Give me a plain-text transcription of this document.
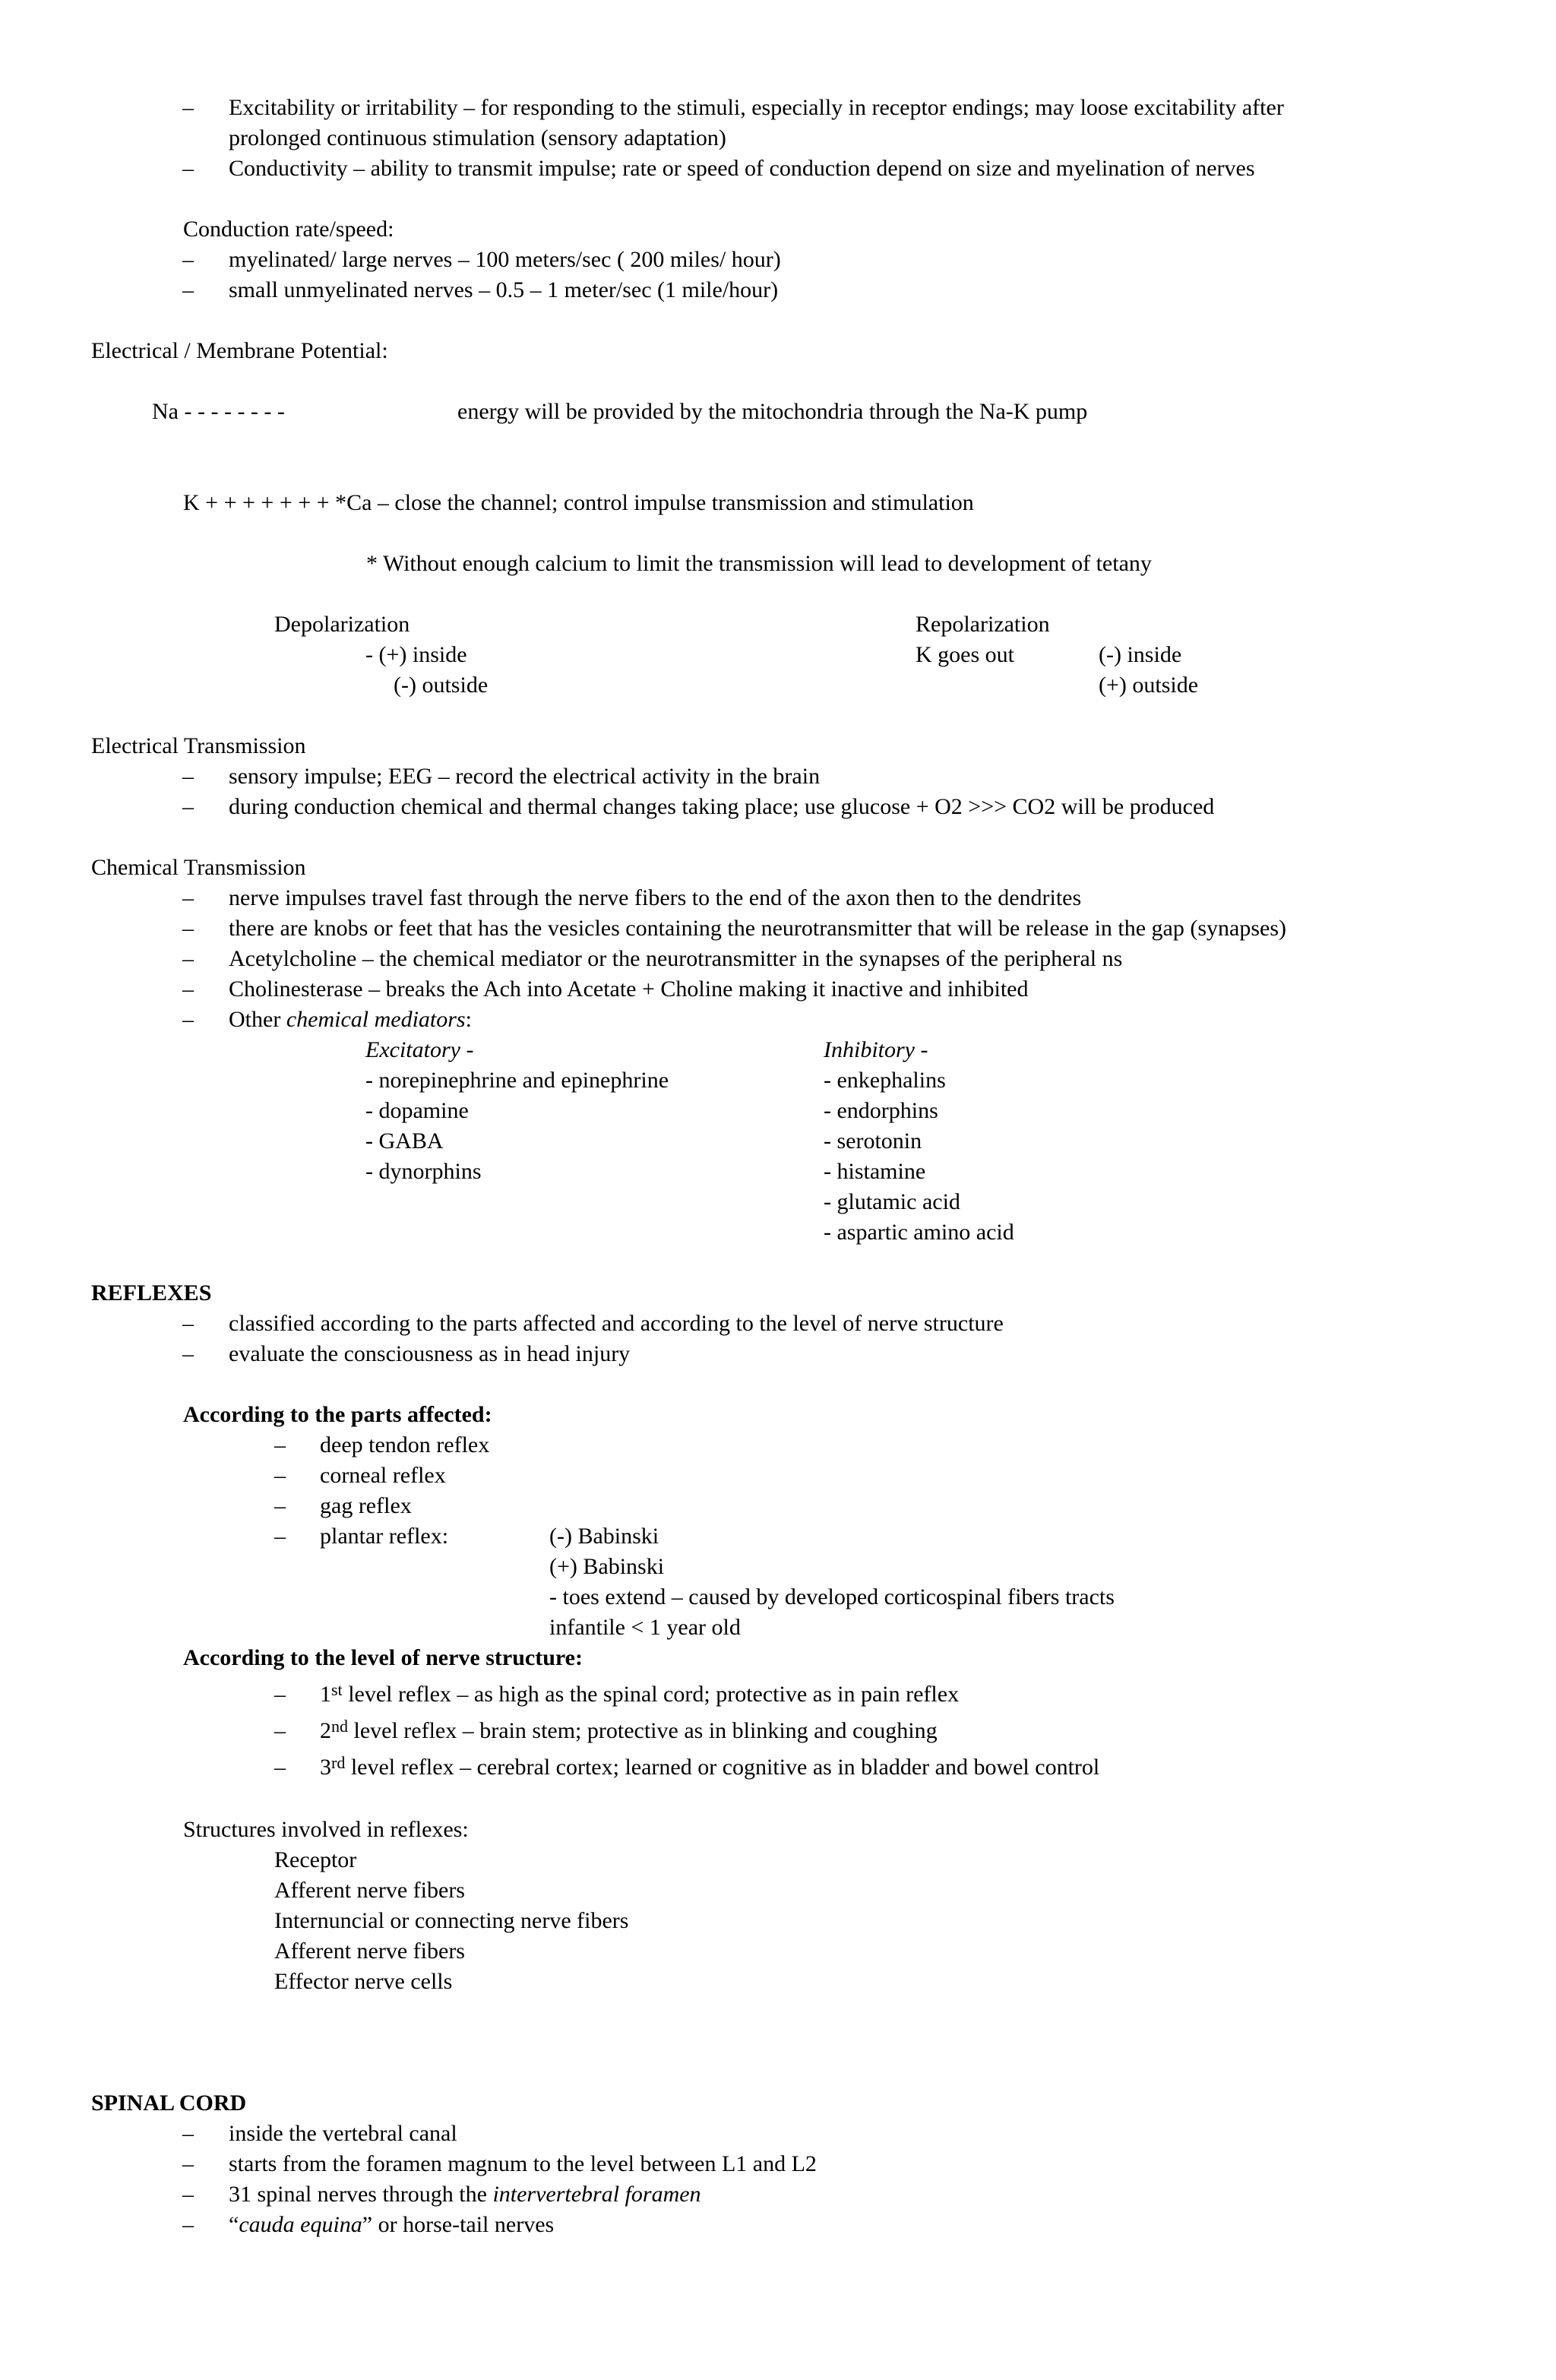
– Excitability or irritability – for responding to the stimuli, especially in receptor endings; may loose excitability after
prolonged continuous stimulation (sensory adaptation)
– Conductivity – ability to transmit impulse; rate or speed of conduction depend on size and myelination of nerves
Conduction rate/speed:
– myelinated/ large nerves – 100 meters/sec ( 200 miles/ hour)
– small unmyelinated nerves – 0.5 – 1 meter/sec (1 mile/hour)
Electrical / Membrane Potential:
Na - - - - - - - -	energy will be provided by the mitochondria through the Na-K pump
K + + + + + + + *Ca – close the channel; control impulse transmission and stimulation
* Without enough calcium to limit the transmission will lead to development of tetany
Depolarization
- (+) inside
(-) outside
Repolarization
K goes out	(-) inside
(+) outside
Electrical Transmission
– sensory impulse; EEG – record the electrical activity in the brain
– during conduction chemical and thermal changes taking place; use glucose + O2 >>> CO2 will be produced
Chemical Transmission
– nerve impulses travel fast through the nerve fibers to the end of the axon then to the dendrites
– there are knobs or feet that has the vesicles containing the neurotransmitter that will be release in the gap (synapses)
– Acetylcholine – the chemical mediator or the neurotransmitter in the synapses of the peripheral ns
– Cholinesterase – breaks the Ach into Acetate + Choline making it inactive and inhibited
– Other chemical mediators:
Excitatory -
- norepinephrine and epinephrine
- dopamine
- GABA
- dynorphins
Inhibitory -
- enkephalins
- endorphins
- serotonin
- histamine
- glutamic acid
- aspartic amino acid
REFLEXES
– classified according to the parts affected and according to the level of nerve structure
– evaluate the consciousness as in head injury
According to the parts affected:
– deep tendon reflex
– corneal reflex
– gag reflex
– plantar reflex:	(-) Babinski
(+) Babinski
- toes extend – caused by developed corticospinal fibers tracts
infantile < 1 year old
According to the level of nerve structure:
– 1st level reflex – as high as the spinal cord; protective as in pain reflex
– 2nd level reflex – brain stem; protective as in blinking and coughing
– 3rd level reflex – cerebral cortex; learned or cognitive as in bladder and bowel control
Structures involved in reflexes:
Receptor
Afferent nerve fibers
Internuncial or connecting nerve fibers
Afferent nerve fibers
Effector nerve cells
SPINAL CORD
– inside the vertebral canal
– starts from the foramen magnum to the level between L1 and L2
– 31 spinal nerves through the intervertebral foramen
– “cauda equina” or horse-tail nerves
